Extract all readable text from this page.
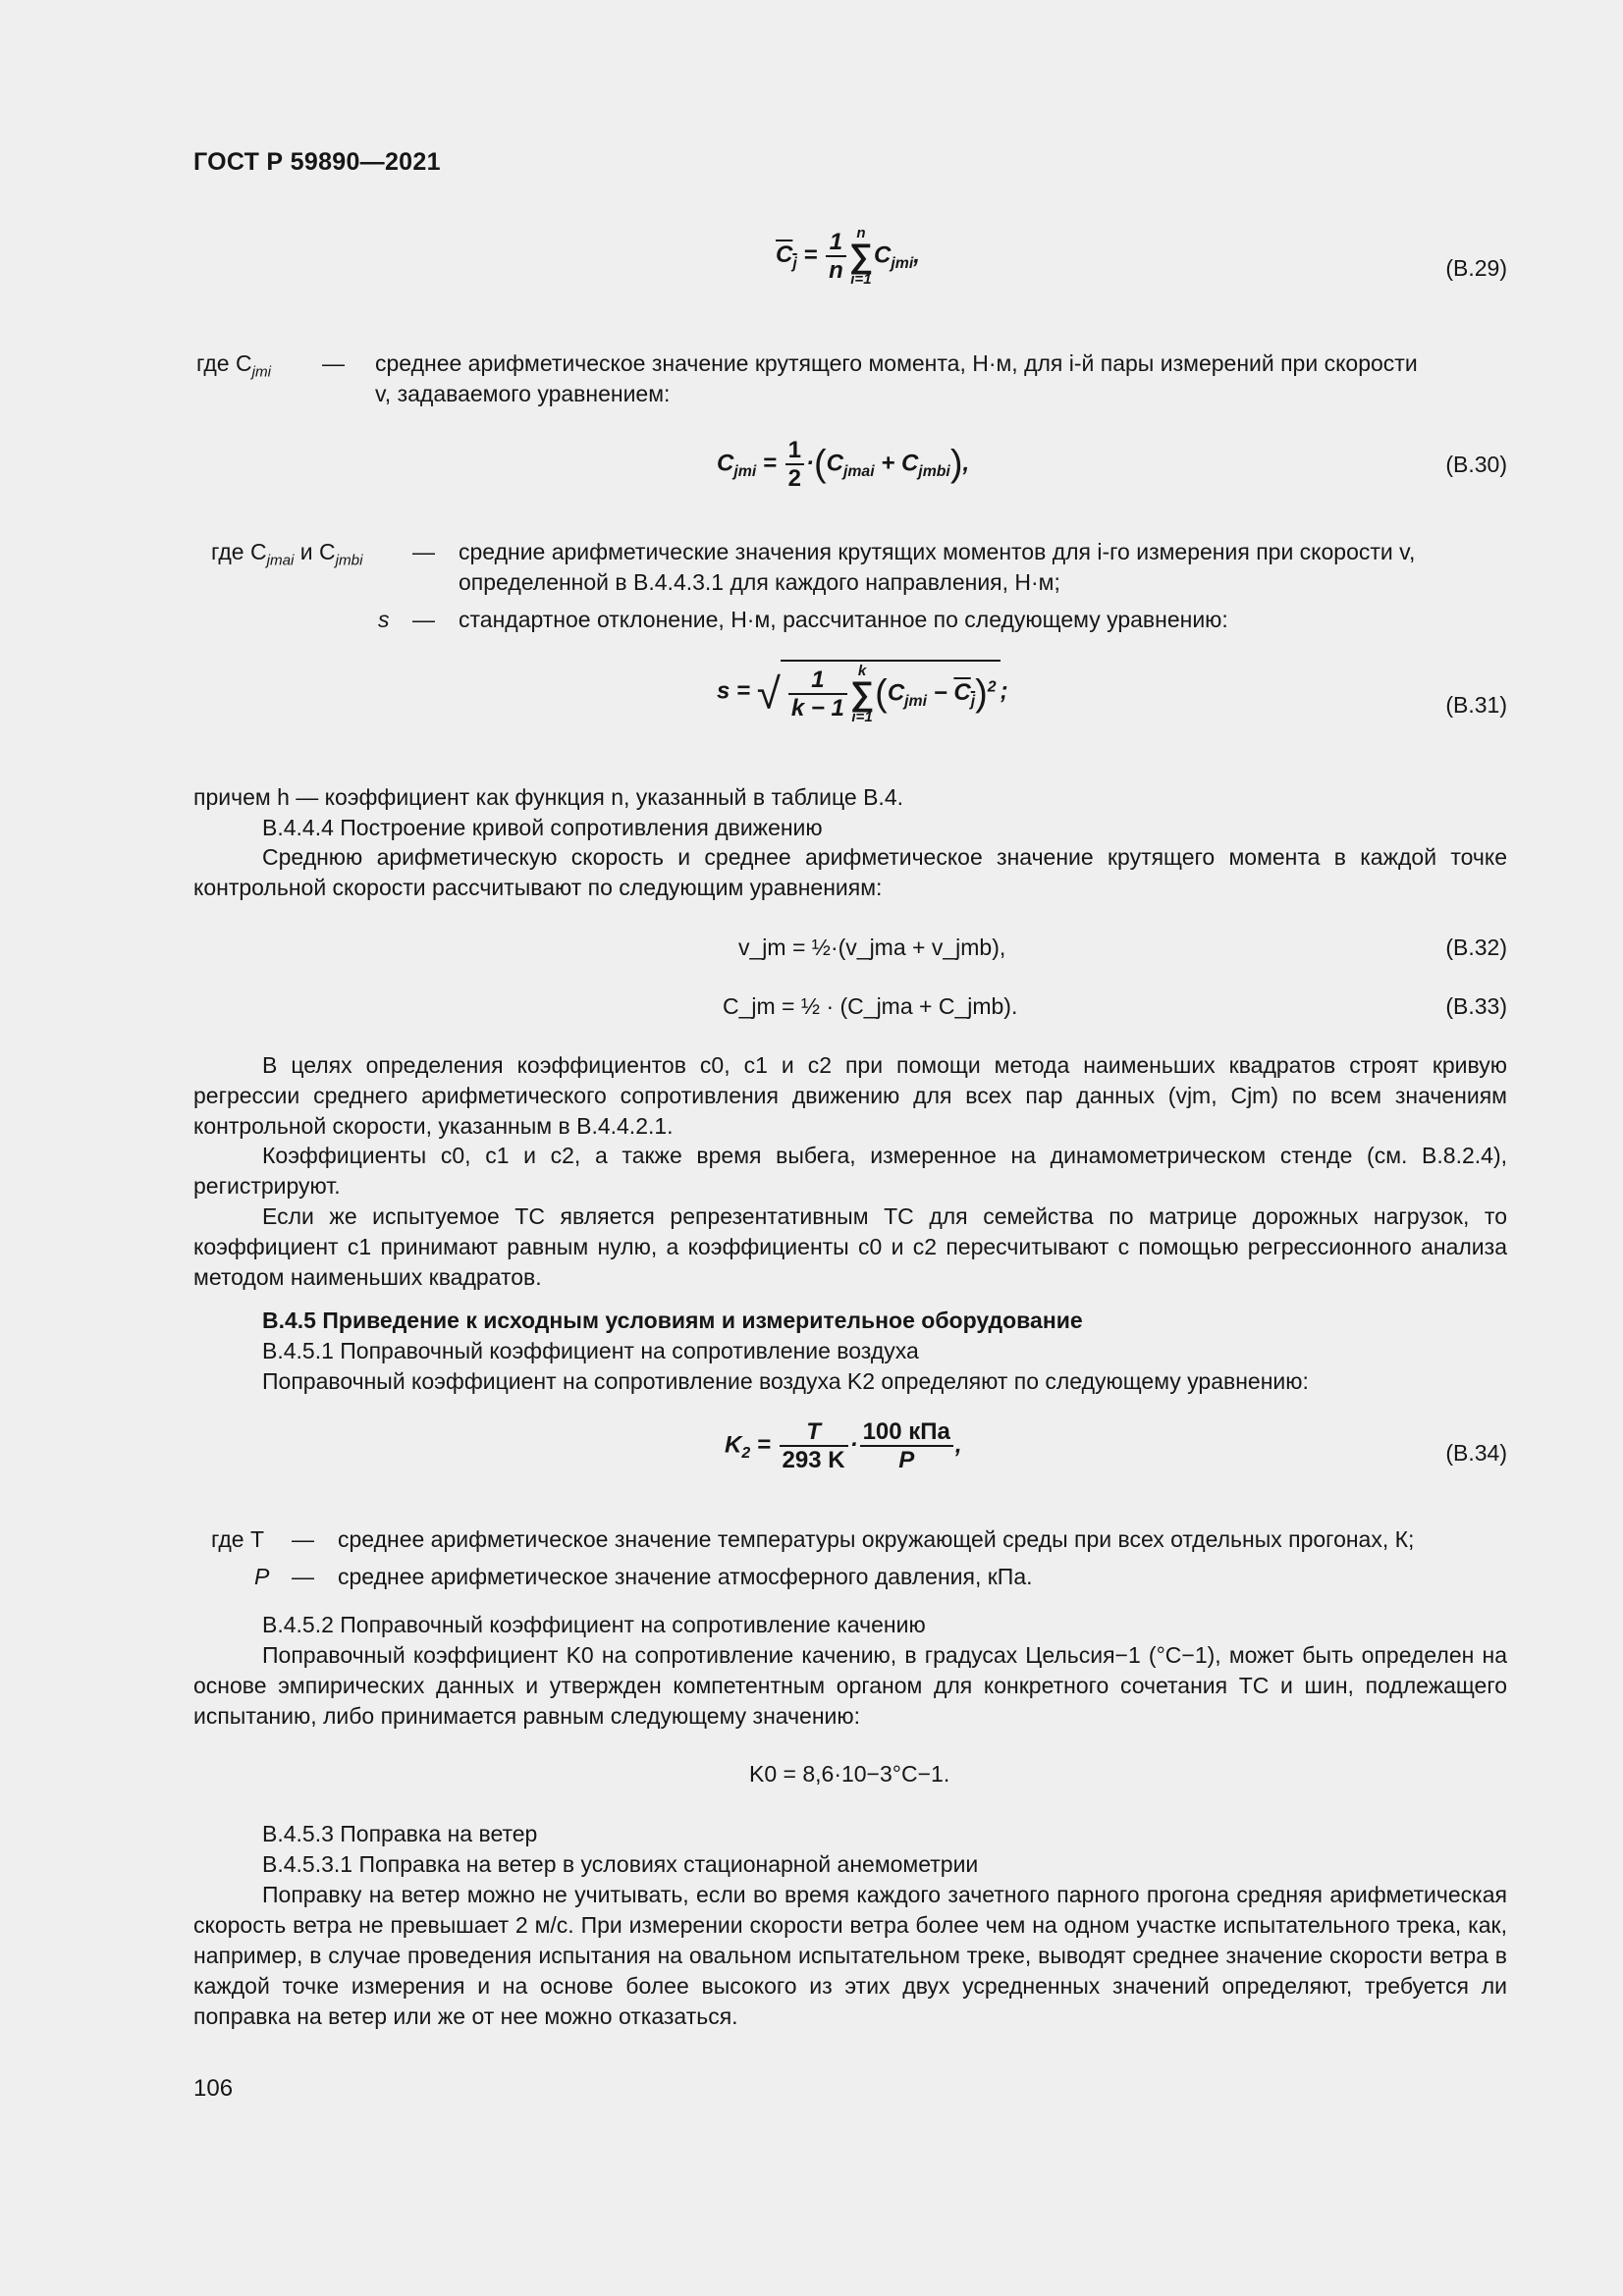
ГОСТ Р 59890—2021
$C_j = \frac{1}{n}$ n
∑
i=1
$C_{jmi}$,	(B.29)
где $C_{jmi}$ — среднее арифметическое значение крутящего момента, Н·м, для i-й пары измерений при скорости
v, задаваемого уравнением:
$C_{jmi} = \frac{1}{2} \cdot(C_{jmai} + C_{jmbi})$,	(B.30)
где $C_{jmai}$ и $C_{jmbi}$ — средние арифметические значения крутящих моментов для i-го измерения при скорости v,
определенной в B.4.4.3.1 для каждого направления, Н·м;
s — стандартное отклонение, Н·м, рассчитанное по следующему уравнению:
s = √ $\frac{1}{k - 1}$ k
∑
i=1
$(C_{jmi} - C_j)^2$ ;
(B.31)
причем h — коэффициент как функция n, указанный в таблице B.4.
B.4.4.4 Построение кривой сопротивления движению
Среднюю арифметическую скорость и среднее арифметическое значение крутящего момента в каждой точке контрольной скорости рассчитывают по следующим уравнениям:
v_jm = ½·(v_jma + v_jmb),	(B.32)
C_jm = ½ · (C_jma + C_jmb).	(B.33)
В целях определения коэффициентов c0, c1 и c2 при помощи метода наименьших квадратов строят кривую регрессии среднего арифметического сопротивления движению для всех пар данных (vjm, Cjm) по всем значениям контрольной скорости, указанным в B.4.4.2.1.
Коэффициенты c0, c1 и c2, а также время выбега, измеренное на динамометрическом стенде (см. B.8.2.4), регистрируют.
Если же испытуемое ТС является репрезентативным ТС для семейства по матрице дорожных нагрузок, то коэффициент c1 принимают равным нулю, а коэффициенты c0 и c2 пересчитывают с помощью регрессионного анализа методом наименьших квадратов.
B.4.5 Приведение к исходным условиям и измерительное оборудование
B.4.5.1 Поправочный коэффициент на сопротивление воздуха
Поправочный коэффициент на сопротивление воздуха K2 определяют по следующему уравнению:
$K_2 = \frac{T}{293 K} \cdot \frac{\text{100 кПа}}{P}$ ,	(B.34)
где T — среднее арифметическое значение температуры окружающей среды при всех отдельных прогонах, К;
P — среднее арифметическое значение атмосферного давления, кПа.
B.4.5.2 Поправочный коэффициент на сопротивление качению
Поправочный коэффициент K0 на сопротивление качению, в градусах Цельсия−1 (°C−1), может быть определен на основе эмпирических данных и утвержден компетентным органом для конкретного сочетания ТС и шин, подлежащего испытанию, либо принимается равным следующему значению:
K0 = 8,6·10−3°C−1.
B.4.5.3 Поправка на ветер
B.4.5.3.1 Поправка на ветер в условиях стационарной анемометрии
Поправку на ветер можно не учитывать, если во время каждого зачетного парного прогона средняя арифметическая скорость ветра не превышает 2 м/с. При измерении скорости ветра более чем на одном участке испытательного трека, как, например, в случае проведения испытания на овальном испытательном треке, выводят среднее значение скорости ветра в каждой точке измерения и на основе более высокого из этих двух усредненных значений определяют, требуется ли поправка на ветер или же от нее можно отказаться.
106
